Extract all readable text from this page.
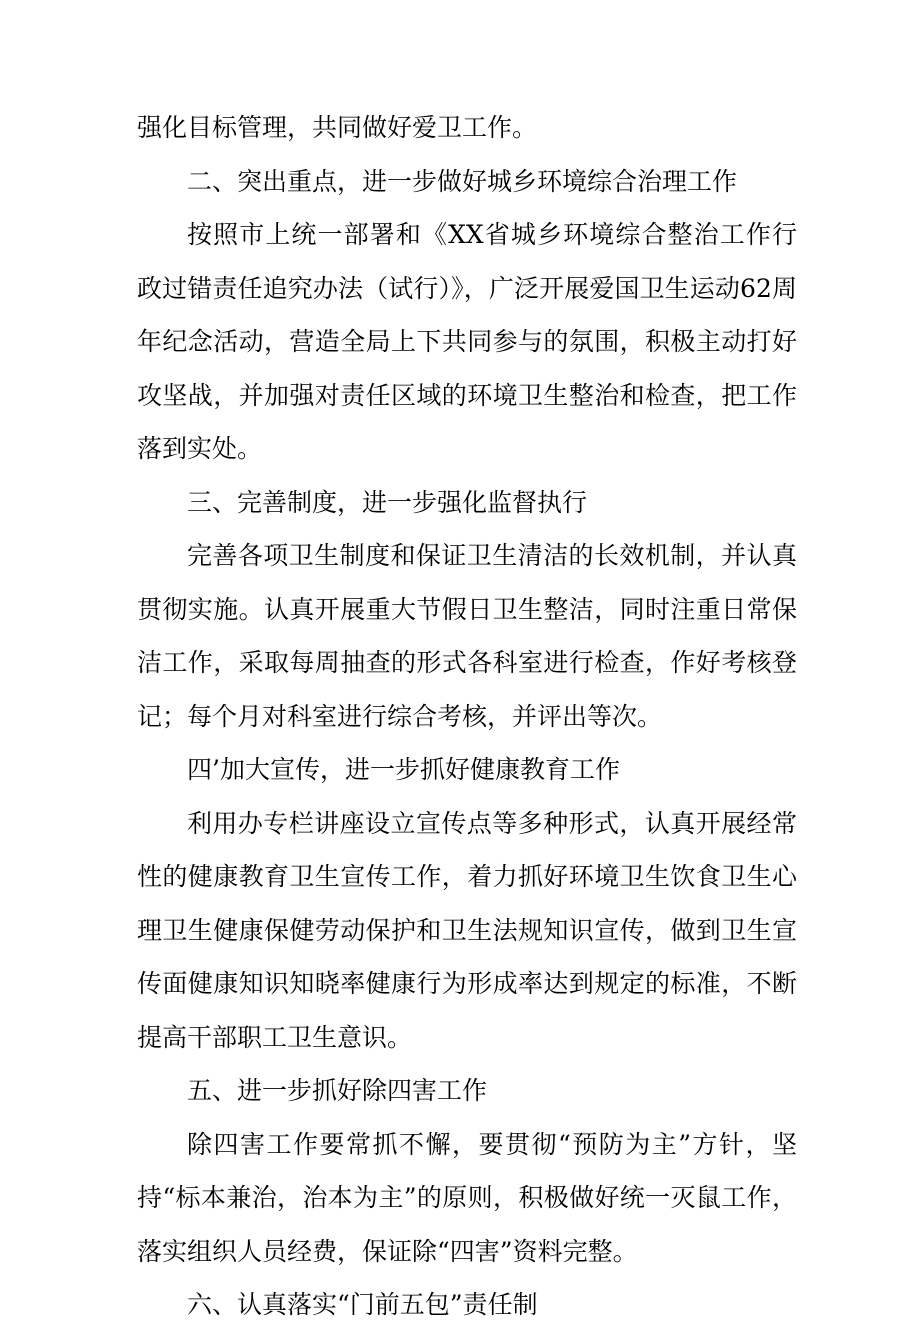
强化目标管理，共同做好爱卫工作。

二、突出重点，进一步做好城乡环境综合治理工作

按照市上统一部署和《XX省城乡环境综合整治工作行政过错责任追究办法（试行）》，广泛开展爱国卫生运动62周年纪念活动，营造全局上下共同参与的氛围，积极主动打好攻坚战，并加强对责任区域的环境卫生整治和检查，把工作落到实处。

三、完善制度，进一步强化监督执行

完善各项卫生制度和保证卫生清洁的长效机制，并认真贯彻实施。认真开展重大节假日卫生整洁，同时注重日常保洁工作，采取每周抽查的形式各科室进行检查，作好考核登记；每个月对科室进行综合考核，并评出等次。

四’加大宣传，进一步抓好健康教育工作

利用办专栏讲座设立宣传点等多种形式，认真开展经常性的健康教育卫生宣传工作，着力抓好环境卫生饮食卫生心理卫生健康保健劳动保护和卫生法规知识宣传，做到卫生宣传面健康知识知晓率健康行为形成率达到规定的标准，不断提高干部职工卫生意识。

五、进一步抓好除四害工作

除四害工作要常抓不懈，要贯彻“预防为主”方针，坚持“标本兼治，治本为主”的原则，积极做好统一灭鼠工作，落实组织人员经费，保证除“四害”资料完整。

六、认真落实“门前五包”责任制
